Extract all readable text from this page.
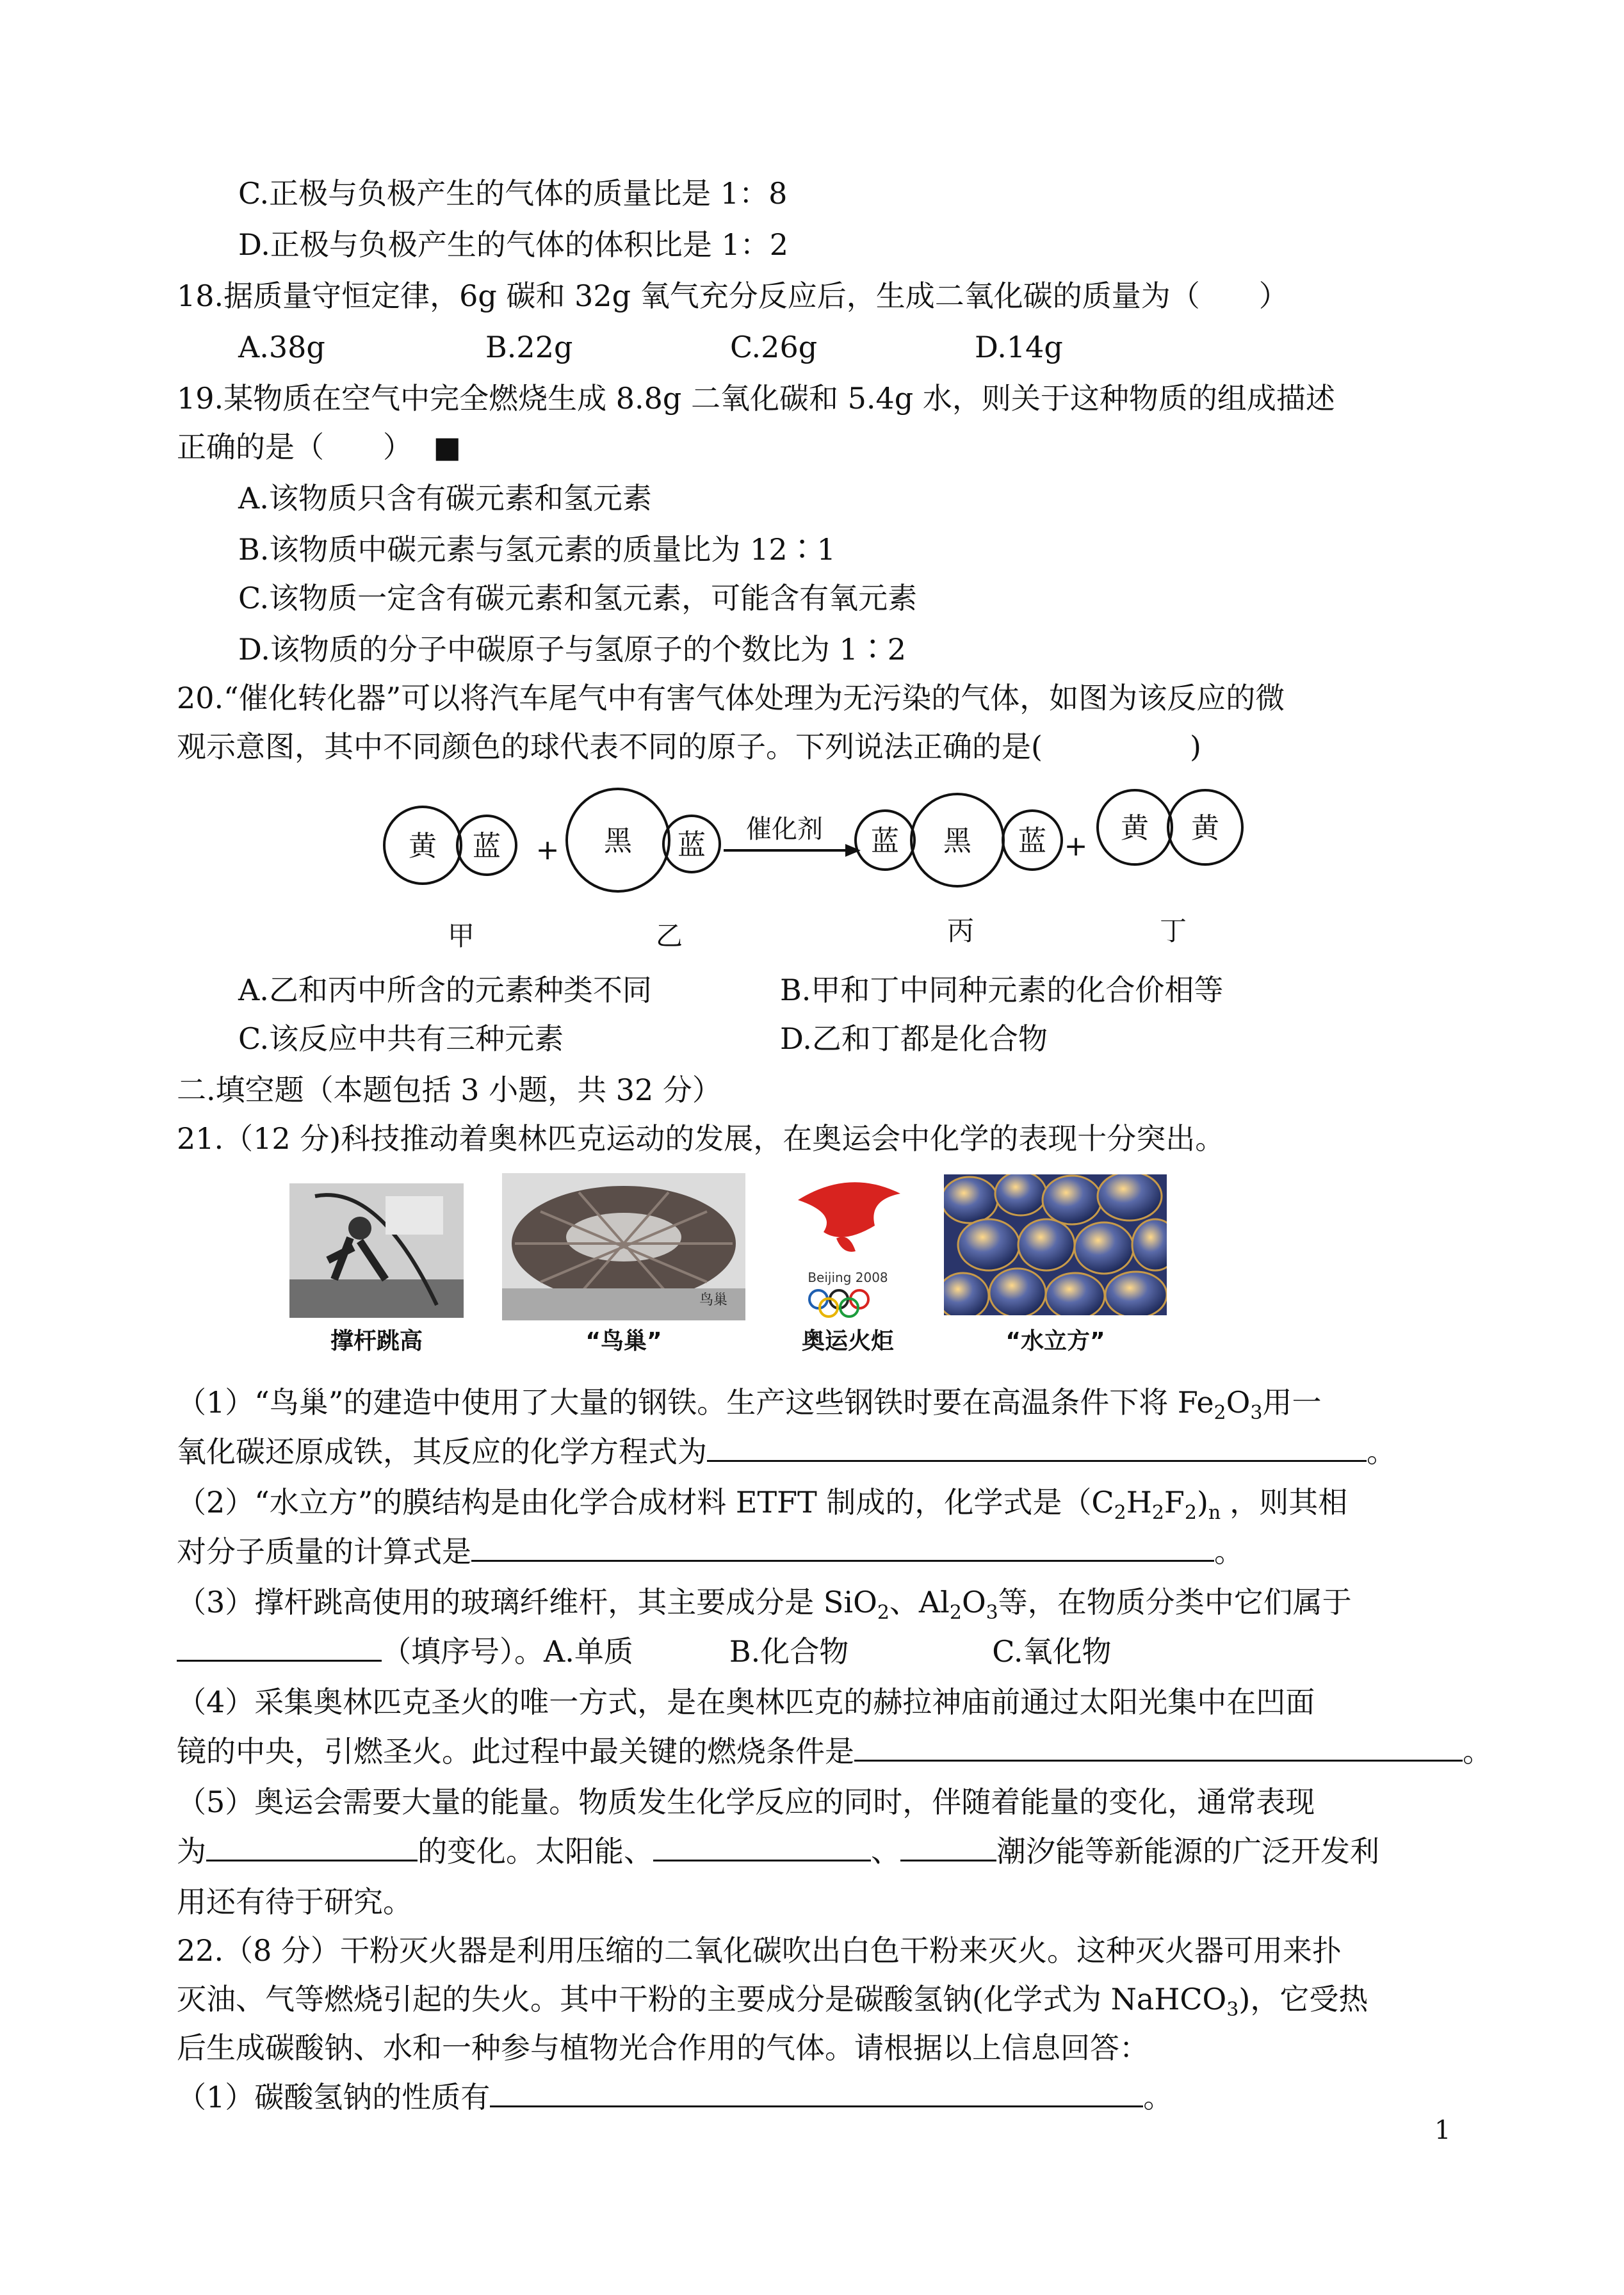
C.正极与负极产生的气体的质量比是 1：8
D.正极与负极产生的气体的体积比是 1：2
18.据质量守恒定律，6g 碳和 32g 氧气充分反应后，生成二氧化碳的质量为（　　）
A.38g	B.22g	C.26g	D.14g
19.某物质在空气中完全燃烧生成 8.8g 二氧化碳和 5.4g 水，则关于这种物质的组成描述
正确的是（　　） ■
A.该物质只含有碳元素和氢元素
B.该物质中碳元素与氢元素的质量比为 12∶1
C.该物质一定含有碳元素和氢元素，可能含有氧元素
D.该物质的分子中碳原子与氢原子的个数比为 1∶2
20.“催化转化器”可以将汽车尾气中有害气体处理为无污染的气体，如图为该反应的微
观示意图，其中不同颜色的球代表不同的原子。下列说法正确的是(　　　　　)
黄 蓝 + 黑 蓝 催化剂 蓝 黑 蓝 +
黄 黄
甲	乙	丙	丁
A.乙和丙中所含的元素种类不同	B.甲和丁中同种元素的化合价相等
C.该反应中共有三种元素	D.乙和丁都是化合物
二.填空题（本题包括 3 小题，共 32 分）
21.（12 分)科技推动着奥林匹克运动的发展，在奥运会中化学的表现十分突出。
鸟巢
Beijing 2008
撑杆跳高	“鸟巢”	奥运火炬	“水立方”
（1）“鸟巢”的建造中使用了大量的钢铁。生产这些钢铁时要在高温条件下将 $Fe_2O_3$用一
氧化碳还原成铁，其反应的化学方程式为	。
（2）“水立方”的膜结构是由化学合成材料 ETFT 制成的，化学式是$(C_2H_2F_2)_n$ ，则其相
对分子质量的计算式是	。
（3）撑杆跳高使用的玻璃纤维杆，其主要成分是 SiO$_2$、$Al_2O_3$等，在物质分类中它们属于
（填序号）。A.单质	B.化合物	C.氧化物
（4）采集奥林匹克圣火的唯一方式，是在奥林匹克的赫拉神庙前通过太阳光集中在凹面
镜的中央，引燃圣火。此过程中最关键的燃烧条件是	。
（5）奥运会需要大量的能量。物质发生化学反应的同时，伴随着能量的变化，通常表现
为	的变化。太阳能、	、	潮汐能等新能源的广泛开发利
用还有待于研究。
22.（8 分）干粉灭火器是利用压缩的二氧化碳吹出白色干粉来灭火。这种灭火器可用来扑
灭油、气等燃烧引起的失火。其中干粉的主要成分是碳酸氢钠(化学式为 NaHCO$_3$)，它受热
后生成碳酸钠、水和一种参与植物光合作用的气体。请根据以上信息回答：
（1）碳酸氢钠的性质有	。
1
